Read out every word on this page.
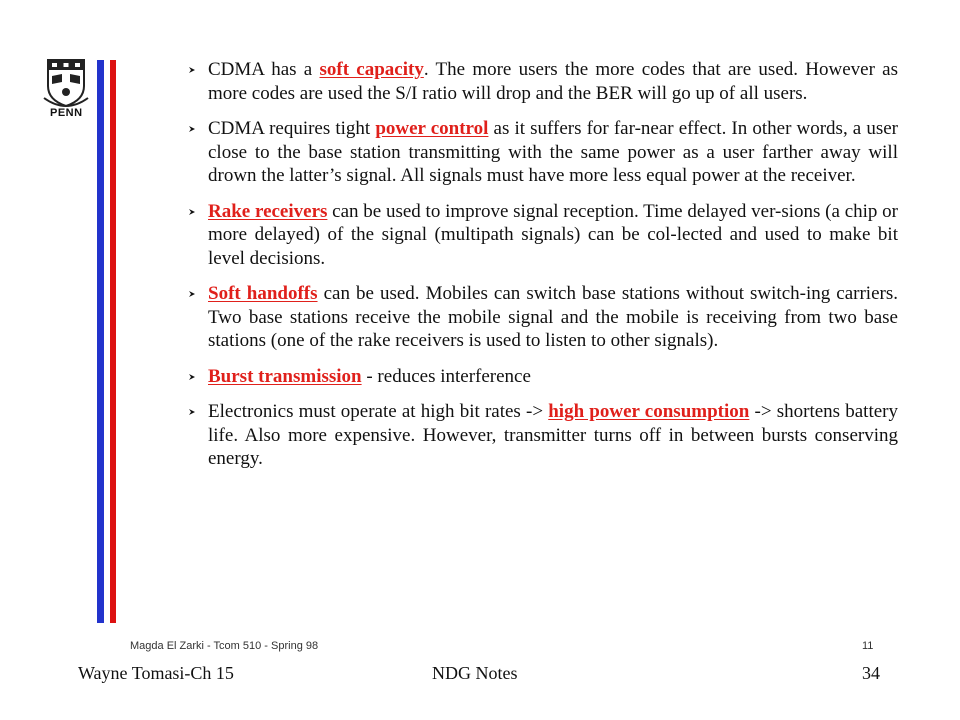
PENN
CDMA has a soft capacity. The more users the more codes that are used. However as more codes are used the S/I ratio will drop and the BER will go up of all users.
CDMA requires tight power control as it suffers for far-near effect. In other words, a user close to the base station transmitting with the same power as a user farther away will drown the latter’s signal. All signals must have more less equal power at the receiver.
Rake receivers can be used to improve signal reception. Time delayed ver-sions (a chip or more delayed) of the signal (multipath signals) can be col-lected and used to make bit level decisions.
Soft handoffs can be used. Mobiles can switch base stations without switch-ing carriers. Two base stations receive the mobile signal and the mobile is receiving from two base stations (one of the rake receivers is used to listen to other signals).
Burst transmission - reduces interference
Electronics must operate at high bit rates -> high power consumption -> shortens battery life. Also more expensive. However, transmitter turns off in between bursts conserving energy.
Magda El Zarki - Tcom 510 - Spring 98	11
Wayne Tomasi-Ch 15	NDG Notes	34
